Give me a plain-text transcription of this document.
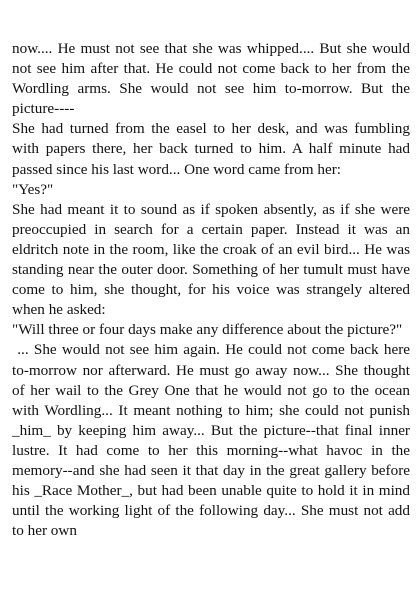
now.... He must not see that she was whipped.... But she would not see him after that. He could not come back to her from the Wordling arms. She would not see him to-morrow. But the picture----

She had turned from the easel to her desk, and was fumbling with papers there, her back turned to him. A half minute had passed since his last word... One word came from her:

"Yes?"

She had meant it to sound as if spoken absently, as if she were preoccupied in search for a certain paper. Instead it was an eldritch note in the room, like the croak of an evil bird... He was standing near the outer door. Something of her tumult must have come to him, she thought, for his voice was strangely altered when he asked:

"Will three or four days make any difference about the picture?"

... She would not see him again. He could not come back here to-morrow nor afterward. He must go away now... She thought of her wail to the Grey One that he would not go to the ocean with Wordling... It meant nothing to him; she could not punish _him_ by keeping him away... But the picture--that final inner lustre. It had come to her this morning--what havoc in the memory--and she had seen it that day in the great gallery before his _Race Mother_, but had been unable quite to hold it in mind until the working light of the following day... She must not add to her own
